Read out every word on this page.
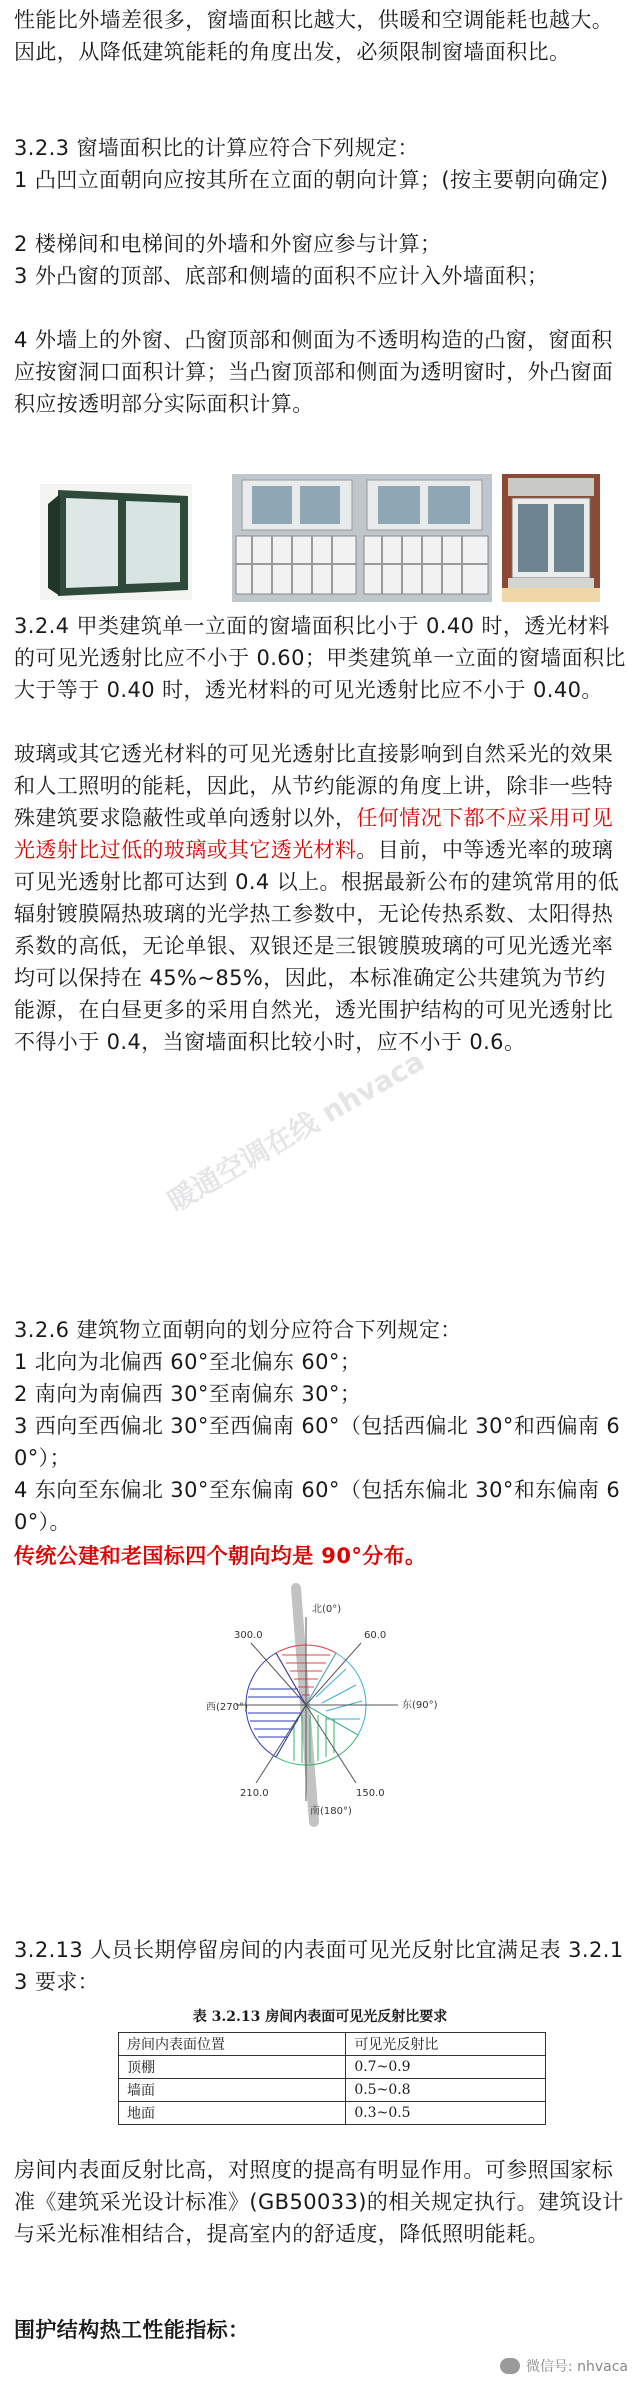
性能比外墙差很多，窗墙面积比越大，供暖和空调能耗也越大。因此，从降低建筑能耗的角度出发，必须限制窗墙面积比。
3.2.3 窗墙面积比的计算应符合下列规定：
1 凸凹立面朝向应按其所在立面的朝向计算；(按主要朝向确定)
2 楼梯间和电梯间的外墙和外窗应参与计算；
3 外凸窗的顶部、底部和侧墙的面积不应计入外墙面积；
4 外墙上的外窗、凸窗顶部和侧面为不透明构造的凸窗，窗面积应按窗洞口面积计算；当凸窗顶部和侧面为透明窗时，外凸窗面积应按透明部分实际面积计算。
3.2.4 甲类建筑单一立面的窗墙面积比小于 0.40 时，透光材料的可见光透射比应不小于 0.60；甲类建筑单一立面的窗墙面积比大于等于 0.40 时，透光材料的可见光透射比应不小于 0.40。
玻璃或其它透光材料的可见光透射比直接影响到自然采光的效果和人工照明的能耗，因此，从节约能源的角度上讲，除非一些特殊建筑要求隐蔽性或单向透射以外，任何情况下都不应采用可见光透射比过低的玻璃或其它透光材料。目前，中等透光率的玻璃可见光透射比都可达到 0.4 以上。根据最新公布的建筑常用的低辐射镀膜隔热玻璃的光学热工参数中，无论传热系数、太阳得热系数的高低，无论单银、双银还是三银镀膜玻璃的可见光透光率均可以保持在 45%~85%，因此，本标准确定公共建筑为节约能源，在白昼更多的采用自然光，透光围护结构的可见光透射比不得小于 0.4，当窗墙面积比较小时，应不小于 0.6。
暖通空调在线 nhvaca
3.2.6 建筑物立面朝向的划分应符合下列规定：
1 北向为北偏西 60°至北偏东 60°；
2 南向为南偏西 30°至南偏东 30°；
3 西向至西偏北 30°至西偏南 60°（包括西偏北 30°和西偏南 60°）；
4 东向至东偏北 30°至东偏南 60°（包括东偏北 30°和东偏南 60°）。
传统公建和老国标四个朝向均是 90°分布。
北(0°)
东(90°)
南(180°)
西(270°)
300.0	60.0
210.0	150.0
3.2.13 人员长期停留房间的内表面可见光反射比宜满足表 3.2.13 要求：
表 3.2.13 房间内表面可见光反射比要求
房间内表面位置	可见光反射比
顶棚	0.7~0.9
墙面	0.5~0.8
地面	0.3~0.5
房间内表面反射比高，对照度的提高有明显作用。可参照国家标准《建筑采光设计标准》(GB50033)的相关规定执行。建筑设计与采光标准相结合，提高室内的舒适度，降低照明能耗。
围护结构热工性能指标：
微信号: nhvaca
